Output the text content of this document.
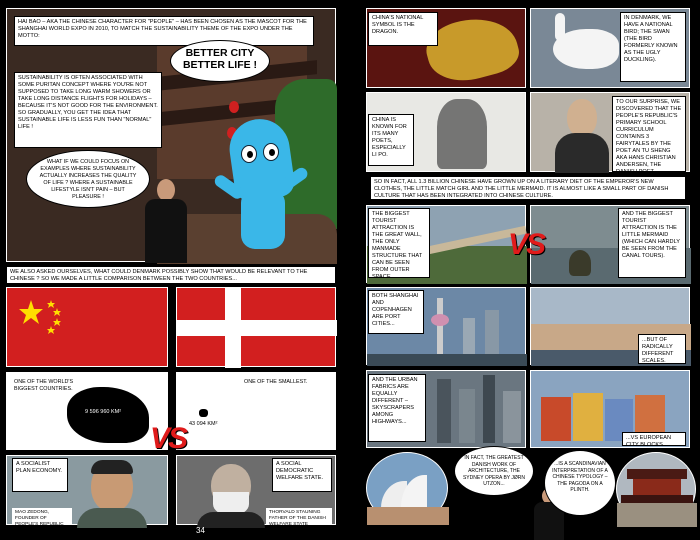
HAI BAO – AKA THE CHINESE CHARACTER FOR "PEOPLE" – HAS BEEN CHOSEN AS THE MASCOT FOR THE SHANGHAI WORLD EXPO IN 2010, TO MATCH THE SUSTAINABILITY THEME OF THE EXPO UNDER THE MOTTO:
BETTER CITY BETTER LIFE !
SUSTAINABILITY IS OFTEN ASSOCIATED WITH SOME PURITAN CONCEPT WHERE YOU'RE NOT SUPPOSED TO TAKE LONG WARM SHOWERS OR TAKE LONG DISTANCE FLIGHTS FOR HOLIDAYS – BECAUSE IT'S NOT GOOD FOR THE ENVIRONMENT. SO GRADUALLY, YOU GET THE IDEA THAT SUSTAINABLE LIFE IS LESS FUN THAN "NORMAL" LIFE !
WHAT IF WE COULD FOCUS ON EXAMPLES WHERE SUSTAINABILITY ACTUALLY INCREASES THE QUALITY OF LIFE ? WHERE A SUSTAINABLE LIFESTYLE ISN'T PAIN – BUT PLEASURE !
WE ALSO ASKED OURSELVES, WHAT COULD DENMARK POSSIBLY SHOW THAT WOULD BE RELEVANT TO THE CHINESE ? SO WE MADE A LITTLE COMPARISON BETWEEN THE TWO COUNTRIES...
ONE OF THE WORLD'S BIGGEST COUNTRIES.
9 596 960 KM²
ONE OF THE SMALLEST.
43 094 KM²
VS
A SOCIALIST PLAN ECONOMY.
MAO ZEDONG, FOUNDER OF PEOPLE'S REPUBLIC
A SOCIAL DEMOCRATIC WELFARE STATE.
THORVALD STAUNING FATHER OF THE DANISH WELFARE STATE
34
CHINA'S NATIONAL SYMBOL IS THE DRAGON.
IN DENMARK, WE HAVE A NATIONAL BIRD; THE SWAN (THE BIRD FORMERLY KNOWN AS THE UGLY DUCKLING).
CHINA IS KNOWN FOR ITS MANY POETS, ESPECIALLY LI PO.
TO OUR SURPRISE, WE DISCOVERED THAT THE PEOPLE'S REPUBLIC'S PRIMARY SCHOOL CURRICULUM CONTAINS 3 FAIRYTALES BY THE POET AN TU SHENG AKA HANS CHRISTIAN ANDERSEN, THE DANISH POET.
SO IN FACT, ALL 1.3 BILLION CHINESE HAVE GROWN UP ON A LITERARY DIET OF THE EMPEROR'S NEW CLOTHES, THE LITTLE MATCH GIRL AND THE LITTLE MERMAID. IT IS ALMOST LIKE A SMALL PART OF DANISH CULTURE THAT HAS BEEN INTEGRATED INTO CHINESE CULTURE.
THE BIGGEST TOURIST ATTRACTION IS THE GREAT WALL, THE ONLY MANMADE STRUCTURE THAT CAN BE SEEN FROM OUTER SPACE.
AND THE BIGGEST TOURIST ATTRACTION IS THE LITTLE MERMAID (WHICH CAN HARDLY BE SEEN FROM THE CANAL TOURS).
VS
BOTH SHANGHAI AND COPENHAGEN ARE PORT CITIES...
...BUT OF RADICALLY DIFFERENT SCALES.
AND THE URBAN FABRICS ARE EQUALLY DIFFERENT – SKYSCRAPERS AMONG HIGHWAYS...
...VS EUROPEAN CITY BLOCKS.
IN FACT, THE GREATEST DANISH WORK OF ARCHITECTURE, THE SYDNEY OPERA BY JØRN UTZON...
...IS A SCANDINAVIAN INTERPRETATION OF A CHINESE TYPOLOGY – THE PAGODA ON A PLINTH.
